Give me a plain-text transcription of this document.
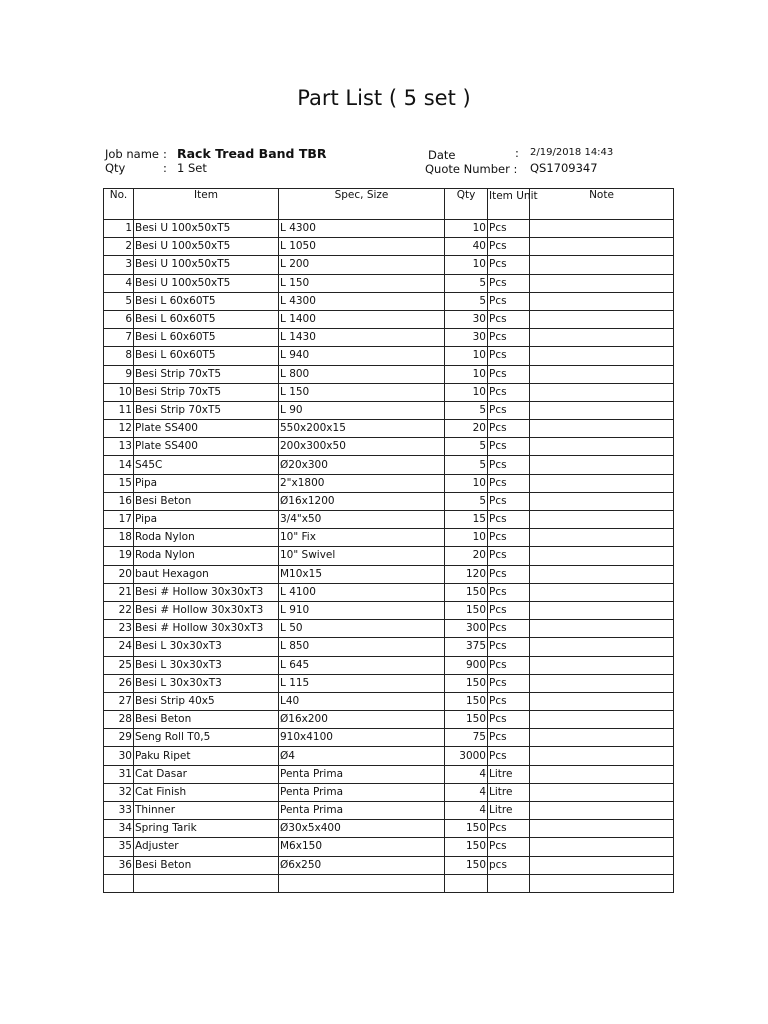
Part List ( 5 set )
Job name : Rack Tread Band TBR
Qty	: 1 Set
Date	: 2/19/2018 14:43
Quote Number : QS1709347
No.	Item	Spec, Size	Qty	Item Unit	Note
1	Besi U 100x50xT5	L 4300	10	Pcs	
2	Besi U 100x50xT5	L 1050	40	Pcs	
3	Besi U 100x50xT5	L 200	10	Pcs	
4	Besi U 100x50xT5	L 150	5	Pcs	
5	Besi L 60x60T5	L 4300	5	Pcs	
6	Besi L 60x60T5	L 1400	30	Pcs	
7	Besi L 60x60T5	L 1430	30	Pcs	
8	Besi L 60x60T5	L 940	10	Pcs	
9	Besi Strip 70xT5	L 800	10	Pcs	
10	Besi Strip 70xT5	L 150	10	Pcs	
11	Besi Strip 70xT5	L 90	5	Pcs	
12	Plate SS400	550x200x15	20	Pcs	
13	Plate SS400	200x300x50	5	Pcs	
14	S45C	Ø20x300	5	Pcs	
15	Pipa	2"x1800	10	Pcs	
16	Besi Beton	Ø16x1200	5	Pcs	
17	Pipa	3/4"x50	15	Pcs	
18	Roda Nylon	10" Fix	10	Pcs	
19	Roda Nylon	10" Swivel	20	Pcs	
20	baut Hexagon	M10x15	120	Pcs	
21	Besi # Hollow 30x30xT3	L 4100	150	Pcs	
22	Besi # Hollow 30x30xT3	L 910	150	Pcs	
23	Besi # Hollow 30x30xT3	L 50	300	Pcs	
24	Besi L 30x30xT3	L 850	375	Pcs	
25	Besi L 30x30xT3	L 645	900	Pcs	
26	Besi L 30x30xT3	L 115	150	Pcs	
27	Besi Strip 40x5	L40	150	Pcs	
28	Besi Beton	Ø16x200	150	Pcs	
29	Seng Roll T0,5	910x4100	75	Pcs	
30	Paku Ripet	Ø4	3000	Pcs	
31	Cat Dasar	Penta Prima	4	Litre	
32	Cat Finish	Penta Prima	4	Litre	
33	Thinner	Penta Prima	4	Litre	
34	Spring Tarik	Ø30x5x400	150	Pcs	
35	Adjuster	M6x150	150	Pcs	
36	Besi Beton	Ø6x250	150	pcs	
